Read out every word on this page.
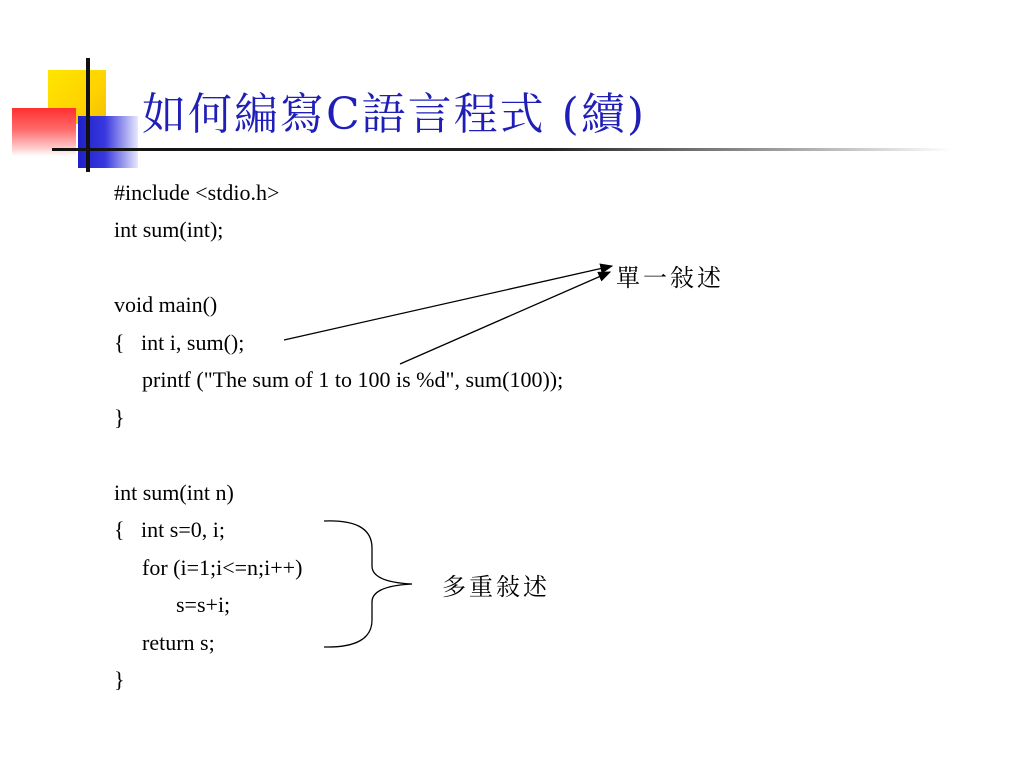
如何編寫C語言程式 (續)
#include <stdio.h>
int sum(int);
void main()
{   int i, sum();
printf ("The sum of 1 to 100 is %d", sum(100));
}
int sum(int n)
{   int s=0, i;
for (i=1;i<=n;i++)
s=s+i;
return s;
}
單一敍述
多重敍述
